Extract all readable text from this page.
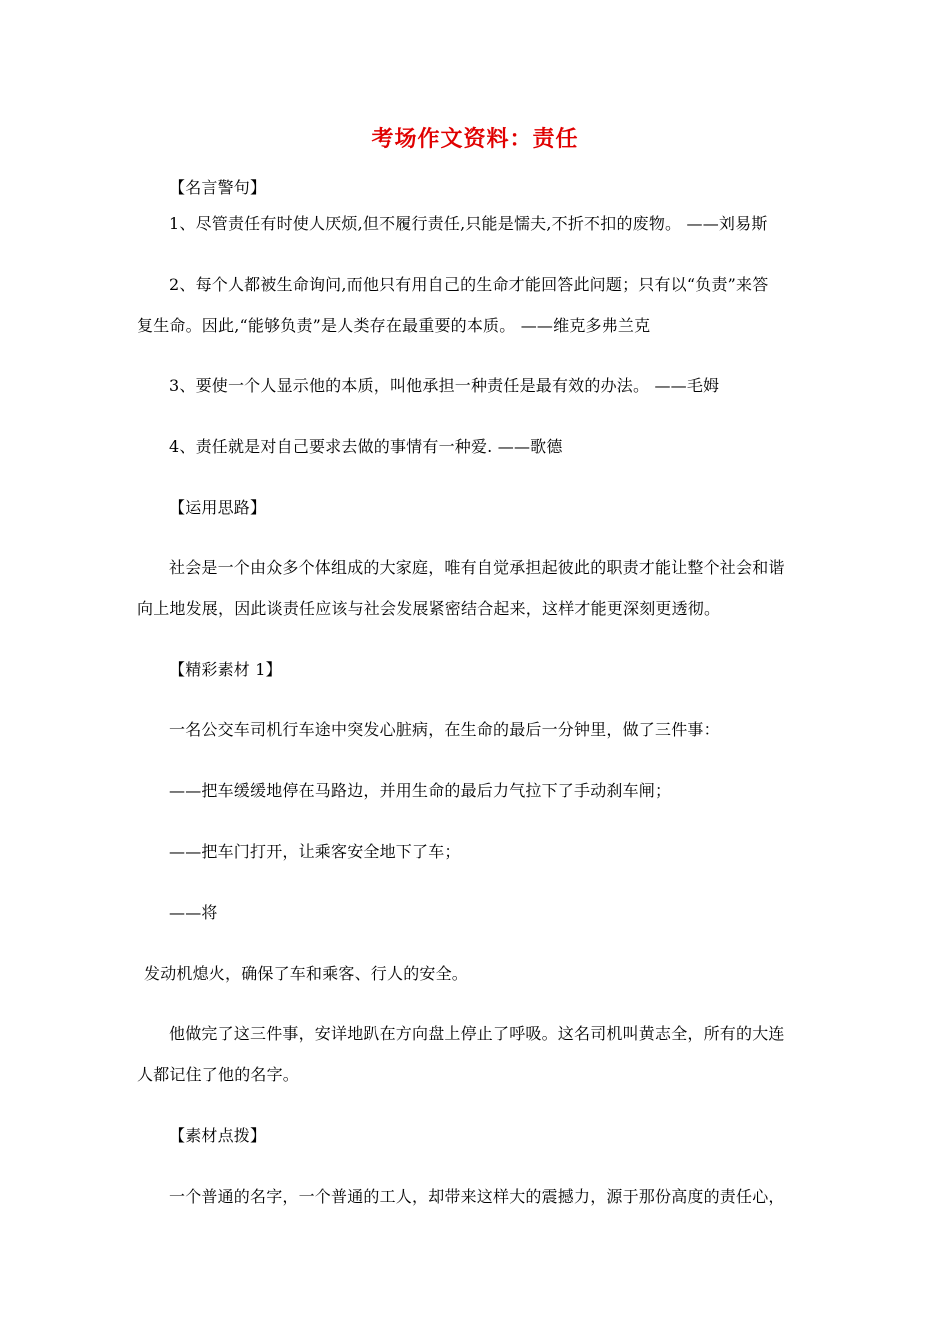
考场作文资料：责任
【名言警句】
1、尽管责任有时使人厌烦,但不履行责任,只能是懦夫,不折不扣的废物。 ——刘易斯
2、每个人都被生命询问,而他只有用自己的生命才能回答此问题；只有以“负责”来答
复生命。因此,“能够负责”是人类存在最重要的本质。 ——维克多弗兰克
3、要使一个人显示他的本质，叫他承担一种责任是最有效的办法。 ——毛姆
4、责任就是对自己要求去做的事情有一种爱. ——歌德
【运用思路】
社会是一个由众多个体组成的大家庭，唯有自觉承担起彼此的职责才能让整个社会和谐
向上地发展，因此谈责任应该与社会发展紧密结合起来，这样才能更深刻更透彻。
【精彩素材 1】
一名公交车司机行车途中突发心脏病，在生命的最后一分钟里，做了三件事：
——把车缓缓地停在马路边，并用生命的最后力气拉下了手动刹车闸；
——把车门打开，让乘客安全地下了车；
——将
发动机熄火，确保了车和乘客、行人的安全。
他做完了这三件事，安详地趴在方向盘上停止了呼吸。这名司机叫黄志全，所有的大连
人都记住了他的名字。
【素材点拨】
一个普通的名字，一个普通的工人，却带来这样大的震撼力，源于那份高度的责任心，
